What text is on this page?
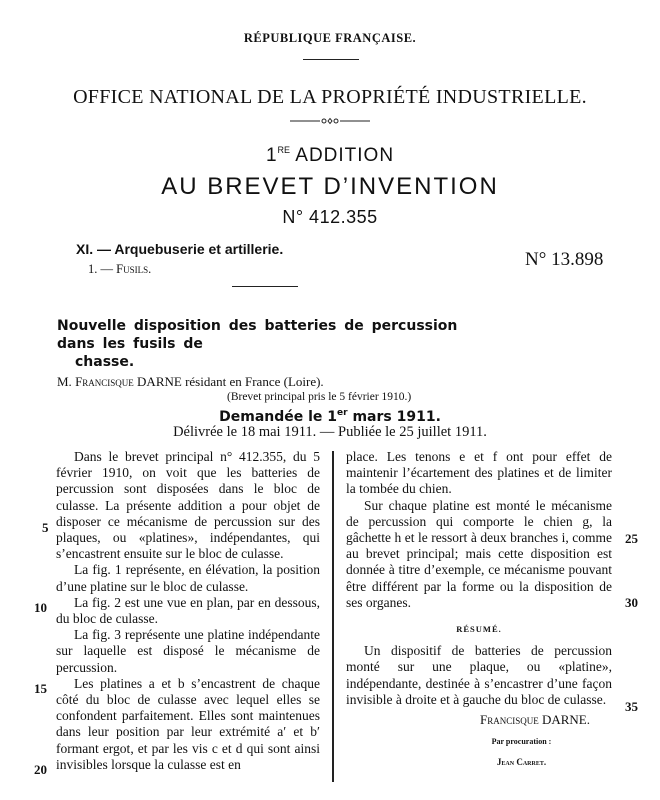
RÉPUBLIQUE FRANÇAISE.
OFFICE NATIONAL DE LA PROPRIÉTÉ INDUSTRIELLE.
1RE ADDITION
AU BREVET D’INVENTION
N° 412.355
XI. — Arquebuserie et artillerie.
1. — Fusils.	N° 13.898
Nouvelle disposition des batteries de percussion dans les fusils de
chasse.
M. Francisque DARNE résidant en France (Loire).
(Brevet principal pris le 5 février 1910.)
Demandée le 1er mars 1911.
Délivrée le 18 mai 1911. — Publiée le 25 juillet 1911.
5
10
15
20

Dans le brevet principal n° 412.355, du 5 février 1910, on voit que les batteries de percussion sont disposées dans le bloc de culasse. La présente addition a pour objet de disposer ce mécanisme de percussion sur des plaques, ou «platines», indépendantes, qui s’encastrent ensuite sur le bloc de culasse.

La fig. 1 représente, en élévation, la position d’une platine sur le bloc de culasse.

La fig. 2 est une vue en plan, par en dessous, du bloc de culasse.

La fig. 3 représente une platine indépendante sur laquelle est disposé le mécanisme de percussion.

Les platines a et b s’encastrent de chaque côté du bloc de culasse avec lequel elles se confondent parfaitement. Elles sont maintenues dans leur position par leur extrémité a′ et b′ formant ergot, et par les vis c et d qui sont ainsi invisibles lorsque la culasse est en

place. Les tenons e et f ont pour effet de maintenir l’écartement des platines et de limiter la tombée du chien.

Sur chaque platine est monté le mécanisme de percussion qui comporte le chien g, la gâchette h et le ressort à deux branches i, comme au brevet principal; mais cette disposition est donnée à titre d’exemple, ce mécanisme pouvant être différent par la forme ou la disposition de ses organes.

RÉSUMÉ.

Un dispositif de batteries de percussion monté sur une plaque, ou «platine», indépendante, destinée à s’encastrer d’une façon invisible à droite et à gauche du bloc de culasse.

Francisque DARNE.
Par procuration :
Jean Carret.
25
30
35
